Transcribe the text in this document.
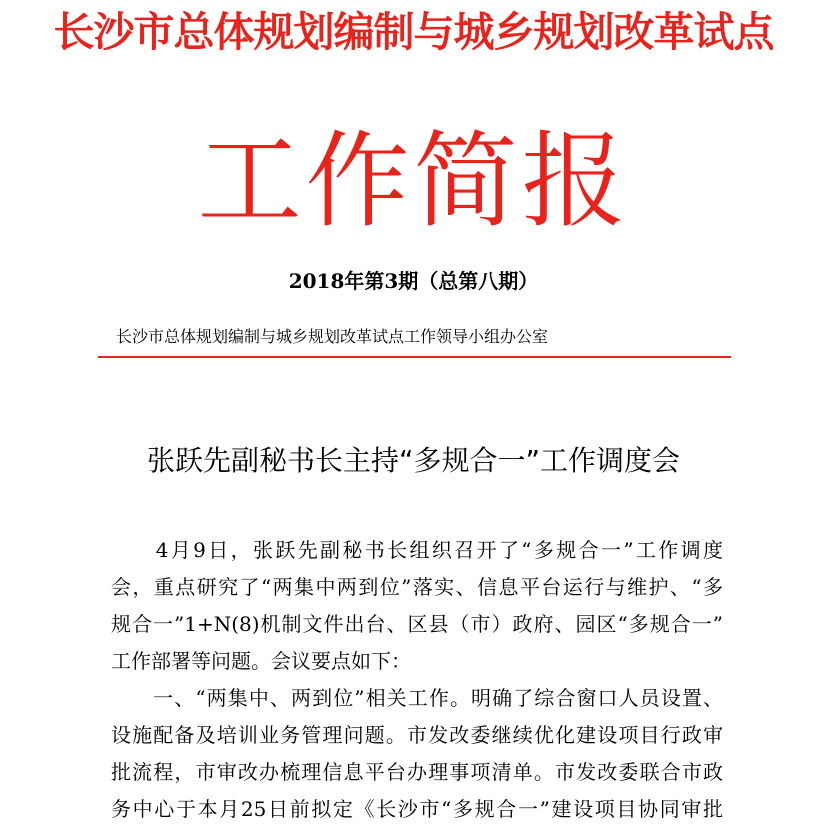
长沙市总体规划编制与城乡规划改革试点
工作简报
2018年第3期（总第八期）
长沙市总体规划编制与城乡规划改革试点工作领导小组办公室
张跃先副秘书长主持“多规合一”工作调度会
　　4月9日，张跃先副秘书长组织召开了“多规合一”工作调度
会，重点研究了“两集中两到位”落实、信息平台运行与维护、“多
规合一”1+N(8)机制文件出台、区县（市）政府、园区“多规合一”
工作部署等问题。会议要点如下：
　　一、“两集中、两到位”相关工作。明确了综合窗口人员设置、
设施配备及培训业务管理问题。市发改委继续优化建设项目行政审
批流程，市审改办梳理信息平台办理事项清单。市发改委联合市政
务中心于本月25日前拟定《长沙市“多规合一”建设项目协同审批
